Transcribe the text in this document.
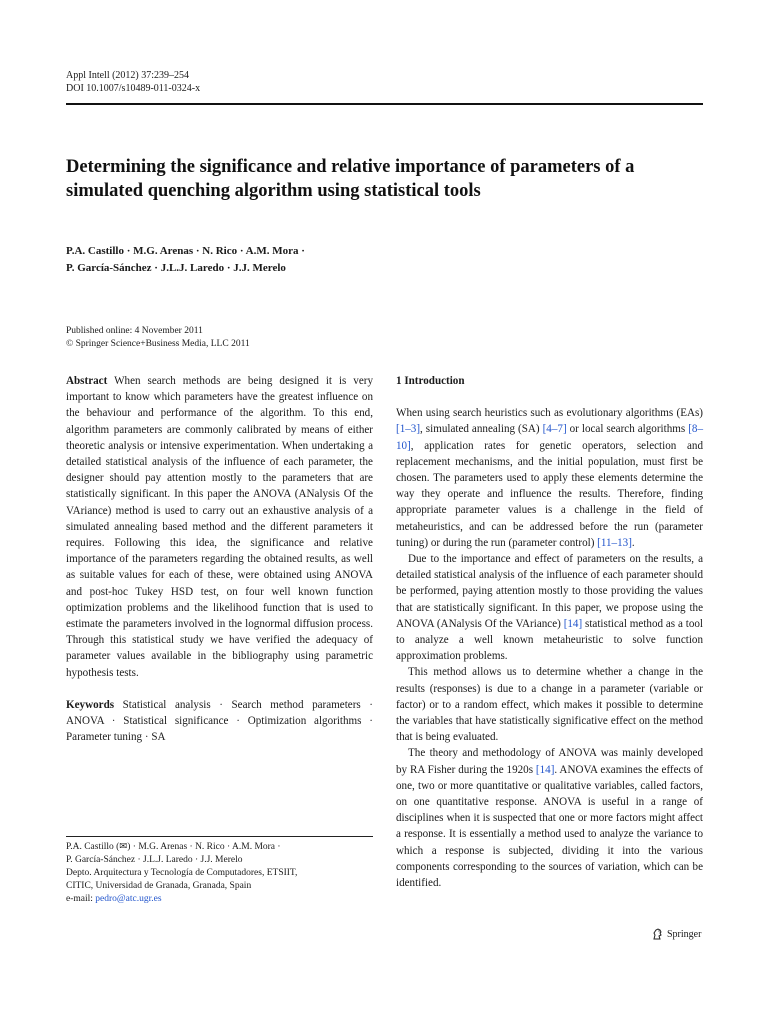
Appl Intell (2012) 37:239–254
DOI 10.1007/s10489-011-0324-x
Determining the significance and relative importance of parameters of a simulated quenching algorithm using statistical tools
P.A. Castillo · M.G. Arenas · N. Rico · A.M. Mora ·
P. García-Sánchez · J.L.J. Laredo · J.J. Merelo
Published online: 4 November 2011
© Springer Science+Business Media, LLC 2011

Abstract When search methods are being designed it is very important to know which parameters have the greatest influence on the behaviour and performance of the algorithm. To this end, algorithm parameters are commonly calibrated by means of either theoretic analysis or intensive experimentation. When undertaking a detailed statistical analysis of the influence of each parameter, the designer should pay attention mostly to the parameters that are statistically significant. In this paper the ANOVA (ANalysis Of the VAriance) method is used to carry out an exhaustive analysis of a simulated annealing based method and the different parameters it requires. Following this idea, the significance and relative importance of the parameters regarding the obtained results, as well as suitable values for each of these, were obtained using ANOVA and post-hoc Tukey HSD test, on four well known function optimization problems and the likelihood function that is used to estimate the parameters involved in the lognormal diffusion process. Through this statistical study we have verified the adequacy of parameter values available in the bibliography using parametric hypothesis tests.

Keywords Statistical analysis · Search method parameters · ANOVA · Statistical significance · Optimization algorithms · Parameter tuning · SA

P.A. Castillo (✉) · M.G. Arenas · N. Rico · A.M. Mora ·
P. García-Sánchez · J.L.J. Laredo · J.J. Merelo
Depto. Arquitectura y Tecnología de Computadores, ETSIIT,
CITIC, Universidad de Granada, Granada, Spain
e-mail: pedro@atc.ugr.es

1 Introduction

When using search heuristics such as evolutionary algorithms (EAs) [1–3], simulated annealing (SA) [4–7] or local search algorithms [8–10], application rates for genetic operators, selection and replacement mechanisms, and the initial population, must first be chosen. The parameters used to apply these elements determine the way they operate and influence the results. Therefore, finding appropriate parameter values is a challenge in the field of metaheuristics, and can be addressed before the run (parameter tuning) or during the run (parameter control) [11–13].

Due to the importance and effect of parameters on the results, a detailed statistical analysis of the influence of each parameter should be performed, paying attention mostly to those providing the values that are statistically significant. In this paper, we propose using the ANOVA (ANalysis Of the VAriance) [14] statistical method as a tool to analyze a well known metaheuristic to solve function approximation problems.

This method allows us to determine whether a change in the results (responses) is due to a change in a parameter (variable or factor) or to a random effect, which makes it possible to determine the variables that have statistically significative effect on the method that is being evaluated.

The theory and methodology of ANOVA was mainly developed by RA Fisher during the 1920s [14]. ANOVA examines the effects of one, two or more quantitative or qualitative variables, called factors, on one quantitative response. ANOVA is useful in a range of disciplines when it is suspected that one or more factors might affect a response. It is essentially a method used to analyze the variance to which a response is subjected, dividing it into the various components corresponding to the sources of variation, which can be identified.

Springer
